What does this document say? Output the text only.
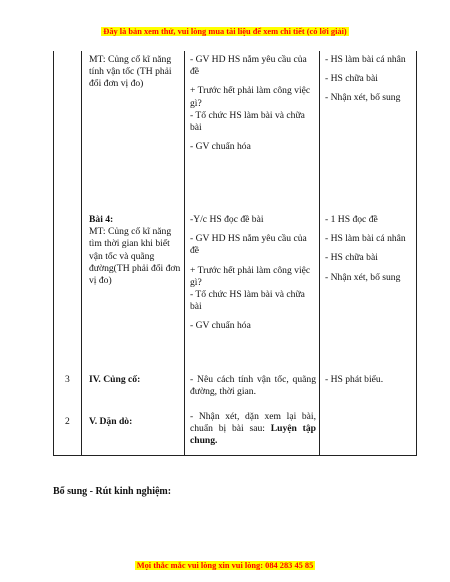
Đây là bản xem thử, vui lòng mua tài liệu để xem chi tiết (có lời giải)
MT: Củng cố kĩ năng tính vận tốc (TH phải đổi đơn vị đo)

- GV HD HS nắm yêu cầu của đề

+ Trước hết phải làm công việc gì?

- Tổ chức HS làm bài và chữa bài

- GV chuẩn hóa

- HS làm bài cá nhân

- HS chữa bài

- Nhận xét, bổ sung

Bài 4:
MT: Củng cố kĩ năng tìm thời gian khi biết vận tốc và quãng đường(TH phải đổi đơn vị đo)

-Y/c HS đọc đề bài

- GV HD HS nắm yêu cầu của đề

+ Trước hết phải làm công việc gì?

- Tổ chức HS làm bài và chữa bài

- GV chuẩn hóa

- 1 HS đọc đề

- HS làm bài cá nhân

- HS chữa bài

- Nhận xét, bổ sung

3 IV. Củng cố:	- Nêu cách tính vận tốc, quãng đường, thời gian.
- HS phát biểu.
2 V. Dặn dò:	- Nhận xét, dặn xem lại bài, chuẩn bị bài sau: Luyện tập chung.
Bổ sung - Rút kinh nghiệm:
Mọi thắc mắc vui lòng xin vui lòng: 084 283 45 85
